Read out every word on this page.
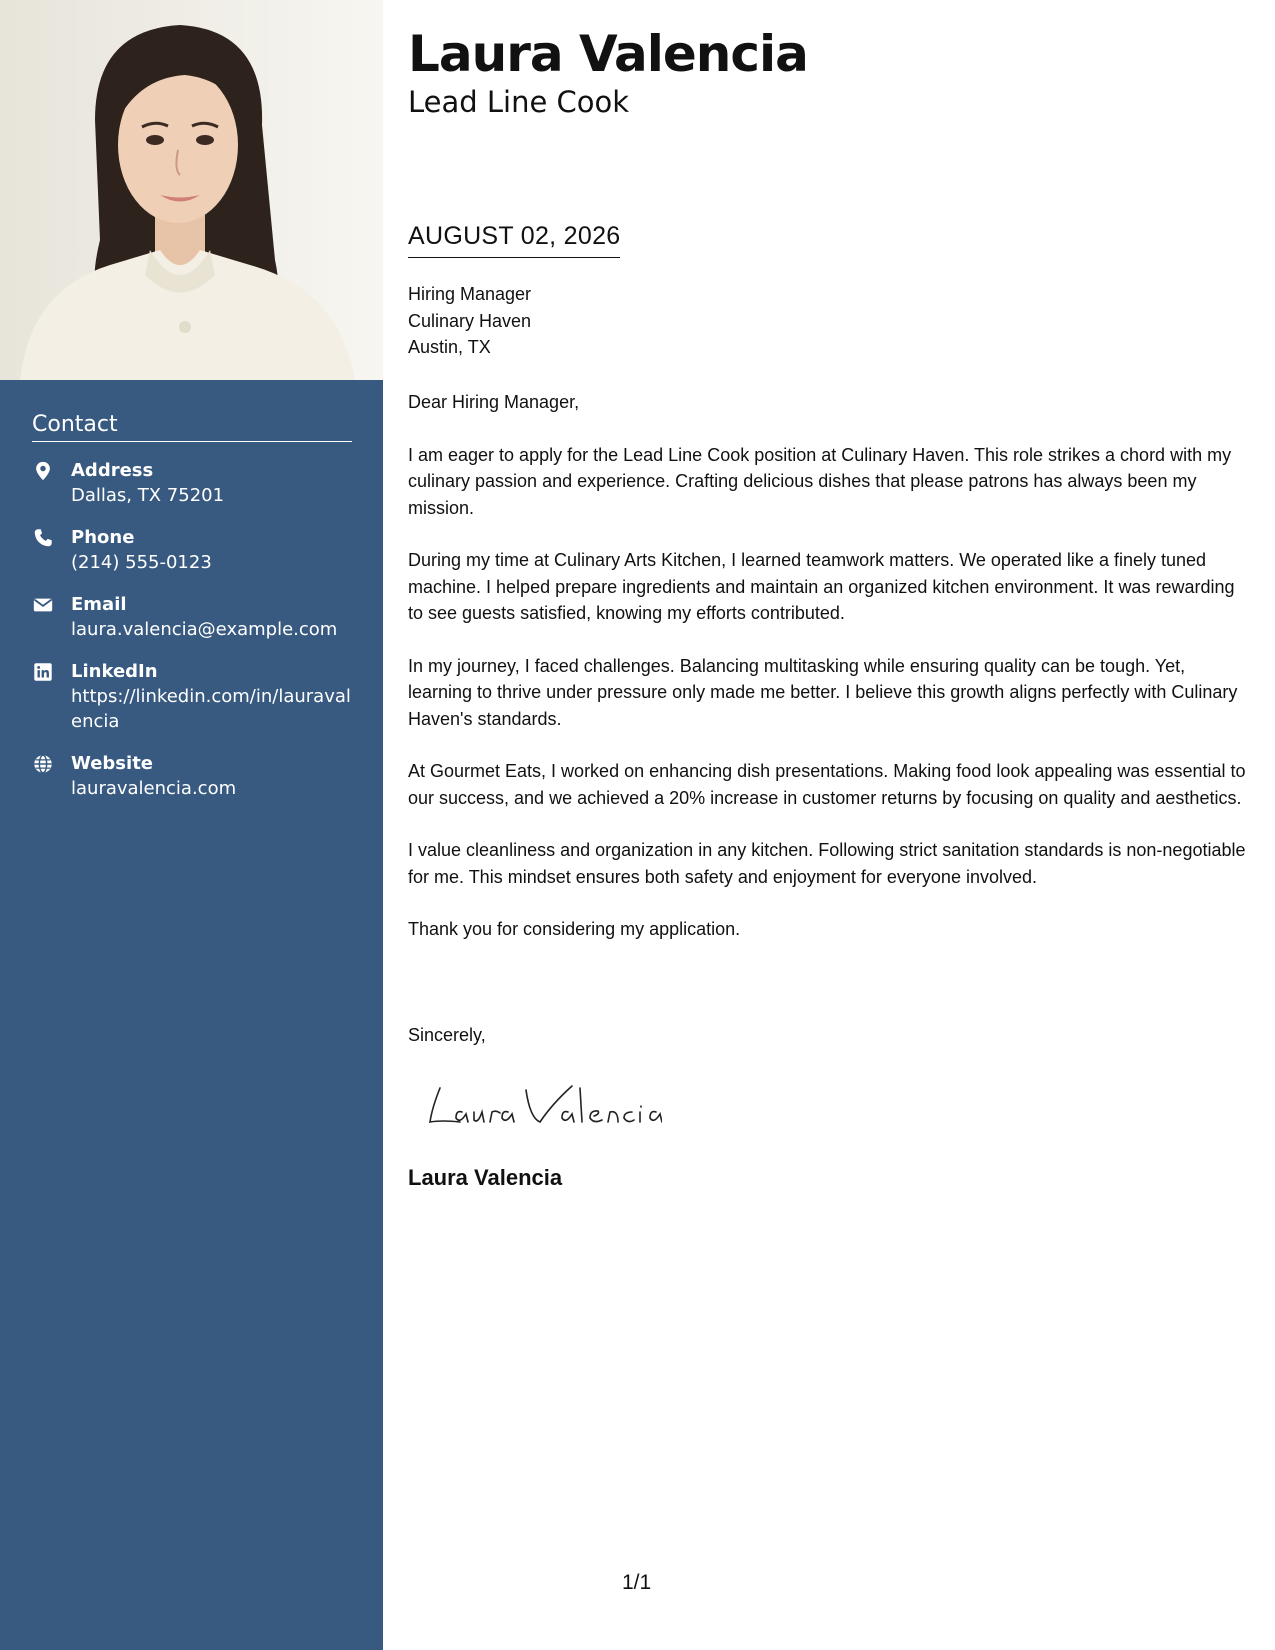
Contact
Address
Dallas, TX 75201
Phone
(214) 555-0123
Email
laura.valencia@example.com
LinkedIn
https://linkedin.com/in/lauravalencia
Website
lauravalencia.com
Laura Valencia
Lead Line Cook
AUGUST 02, 2026
Hiring Manager
Culinary Haven
Austin, TX

Dear Hiring Manager,

I am eager to apply for the Lead Line Cook position at Culinary Haven. This role strikes a chord with my culinary passion and experience. Crafting delicious dishes that please patrons has always been my mission.

During my time at Culinary Arts Kitchen, I learned teamwork matters. We operated like a finely tuned machine. I helped prepare ingredients and maintain an organized kitchen environment. It was rewarding to see guests satisfied, knowing my efforts contributed.

In my journey, I faced challenges. Balancing multitasking while ensuring quality can be tough. Yet, learning to thrive under pressure only made me better. I believe this growth aligns perfectly with Culinary Haven's standards.

At Gourmet Eats, I worked on enhancing dish presentations. Making food look appealing was essential to our success, and we achieved a 20% increase in customer returns by focusing on quality and aesthetics.

I value cleanliness and organization in any kitchen. Following strict sanitation standards is non-negotiable for me. This mindset ensures both safety and enjoyment for everyone involved.

Thank you for considering my application.

Sincerely,
Laura Valencia
1/1
